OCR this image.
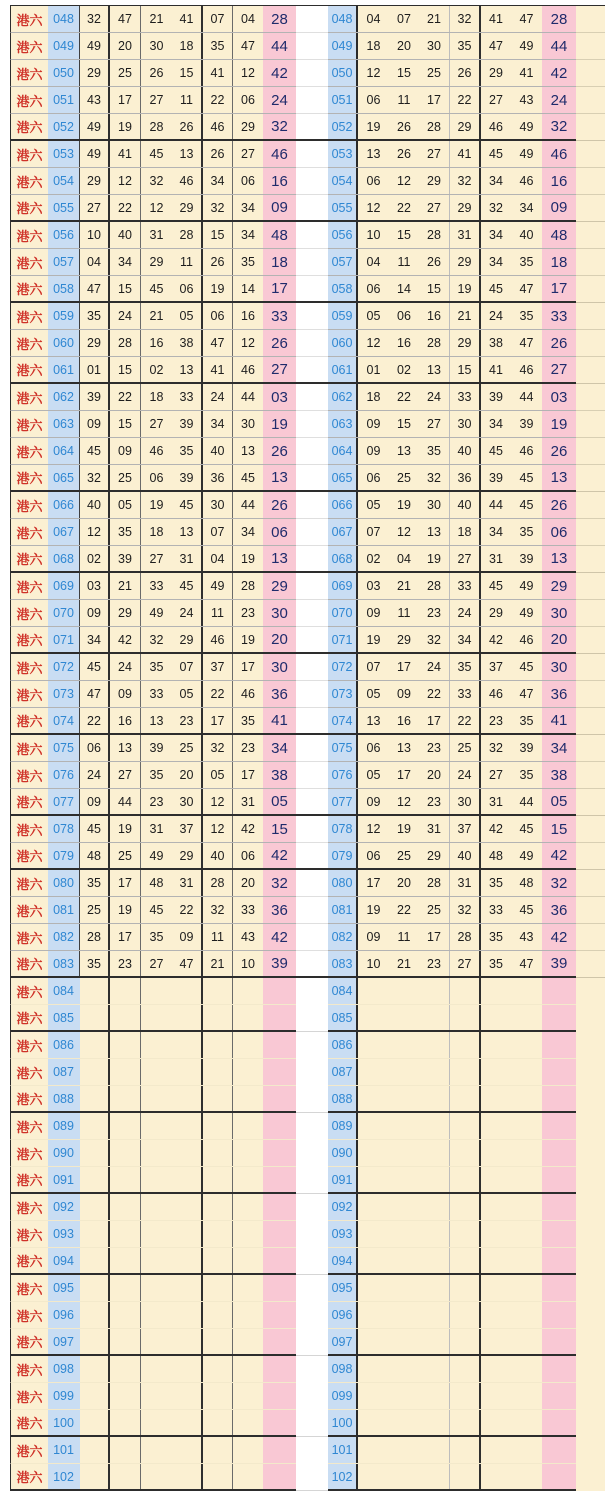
港六 048	32	47	21	41	07	04	28	048	04	07	21	32	41	47	28
港六 049	49	20	30	18	35	47	44	049	18	20	30	35	47	49	44
港六 050	29	25	26	15	41	12	42	050	12	15	25	26	29	41	42
港六 051	43	17	27	11	22	06	24	051	06	11	17	22	27	43	24
港六 052	49	19	28	26	46	29	32	052	19	26	28	29	46	49	32
港六 053	49	41	45	13	26	27	46	053	13	26	27	41	45	49	46
港六 054	29	12	32	46	34	06	16	054	06	12	29	32	34	46	16
港六 055	27	22	12	29	32	34	09	055	12	22	27	29	32	34	09
港六 056	10	40	31	28	15	34	48	056	10	15	28	31	34	40	48
港六 057	04	34	29	11	26	35	18	057	04	11	26	29	34	35	18
港六 058	47	15	45	06	19	14	17	058	06	14	15	19	45	47	17
港六 059	35	24	21	05	06	16	33	059	05	06	16	21	24	35	33
港六 060	29	28	16	38	47	12	26	060	12	16	28	29	38	47	26
港六 061	01	15	02	13	41	46	27	061	01	02	13	15	41	46	27
港六 062	39	22	18	33	24	44	03	062	18	22	24	33	39	44	03
港六 063	09	15	27	39	34	30	19	063	09	15	27	30	34	39	19
港六 064	45	09	46	35	40	13	26	064	09	13	35	40	45	46	26
港六 065	32	25	06	39	36	45	13	065	06	25	32	36	39	45	13
港六 066	40	05	19	45	30	44	26	066	05	19	30	40	44	45	26
港六 067	12	35	18	13	07	34	06	067	07	12	13	18	34	35	06
港六 068	02	39	27	31	04	19	13	068	02	04	19	27	31	39	13
港六 069	03	21	33	45	49	28	29	069	03	21	28	33	45	49	29
港六 070	09	29	49	24	11	23	30	070	09	11	23	24	29	49	30
港六 071	34	42	32	29	46	19	20	071	19	29	32	34	42	46	20
港六 072	45	24	35	07	37	17	30	072	07	17	24	35	37	45	30
港六 073	47	09	33	05	22	46	36	073	05	09	22	33	46	47	36
港六 074	22	16	13	23	17	35	41	074	13	16	17	22	23	35	41
港六 075	06	13	39	25	32	23	34	075	06	13	23	25	32	39	34
港六 076	24	27	35	20	05	17	38	076	05	17	20	24	27	35	38
港六 077	09	44	23	30	12	31	05	077	09	12	23	30	31	44	05
港六 078	45	19	31	37	12	42	15	078	12	19	31	37	42	45	15
港六 079	48	25	49	29	40	06	42	079	06	25	29	40	48	49	42
港六 080	35	17	48	31	28	20	32	080	17	20	28	31	35	48	32
港六 081	25	19	45	22	32	33	36	081	19	22	25	32	33	45	36
港六 082	28	17	35	09	11	43	42	082	09	11	17	28	35	43	42
港六 083	35	23	27	47	21	10	39	083	10	21	23	27	35	47	39
港六 084	084
港六 085	085
港六 086	086
港六 087	087
港六 088	088
港六 089	089
港六 090	090
港六 091	091
港六 092	092
港六 093	093
港六 094	094
港六 095	095
港六 096	096
港六 097	097
港六 098	098
港六 099	099
港六 100	100
港六 101	101
港六 102	102
